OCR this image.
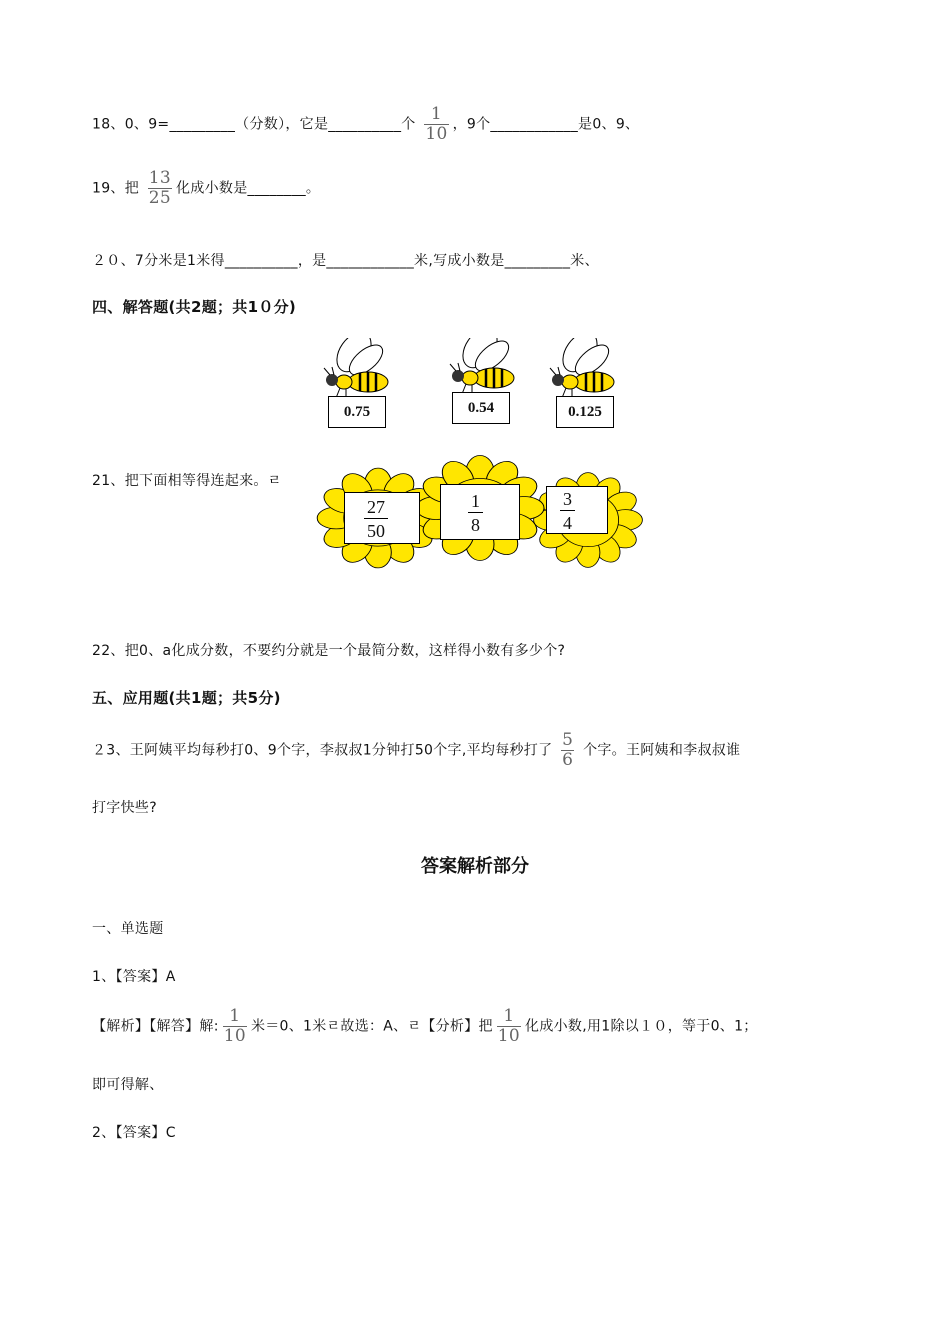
18、0、9=_________（分数），它是__________个 $\frac{1}{10}$ ，9个____________是0、9、
19、把 $\frac{13}{25}$ 化成小数是________。
２０、7分米是1米得__________，是____________米,写成小数是_________米、
四、解答题(共2题；共1０分)
0.75	0.54	0.125
21、把下面相等得连起来。ﾩ
27
50
1
8
3
4
22、把0、a化成分数，不要约分就是一个最简分数，这样得小数有多少个?
五、应用题(共1题；共5分)
２3、王阿姨平均每秒打0、9个字，李叔叔1分钟打50个字,平均每秒打了 $\frac{5}{6}$ 个字。王阿姨和李叔叔谁
打字快些?
答案解析部分
一、单选题
1、【答案】A
【解析】【解答】解: $\frac{1}{10}$ 米＝0、1米ﾩ故选：A、ﾩ【分析】把 $\frac{1}{10}$ 化成小数,用1除以１０，等于0、1；
即可得解、
2、【答案】C
